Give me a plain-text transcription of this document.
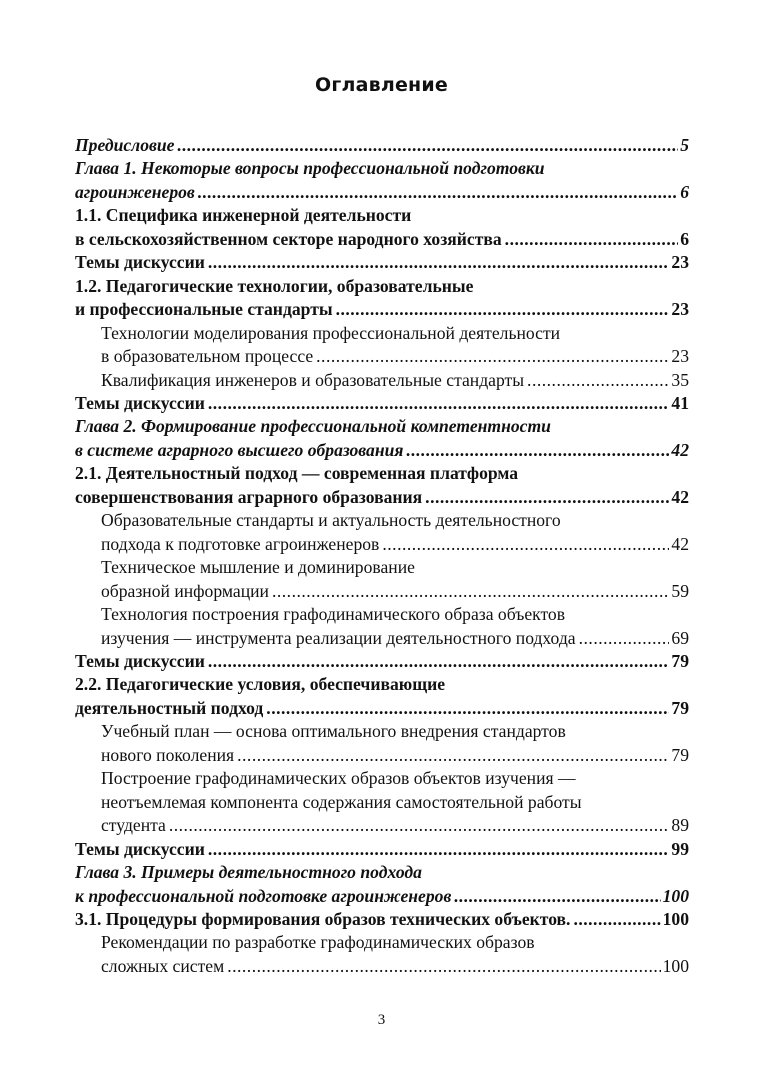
Оглавление
Предисловие .....	5
Глава 1. Некоторые вопросы профессиональной подготовки
агроинженеров .....	6
1.1. Специфика инженерной деятельности
в сельскохозяйственном секторе народного хозяйства .....	6
Темы дискуссии .....	23
1.2. Педагогические технологии, образовательные
и профессиональные стандарты .....	23
Технологии моделирования профессиональной деятельности
в образовательном процессе .....	23
Квалификация инженеров и образовательные стандарты .....	35
Темы дискуссии .....	41
Глава 2. Формирование профессиональной компетентности
в системе аграрного высшего образования .....	42
2.1. Деятельностный подход — современная платформа
совершенствования аграрного образования .....	42
Образовательные стандарты и актуальность деятельностного
подхода к подготовке агроинженеров .....	42
Техническое мышление и доминирование
образной информации .....	59
Технология построения графодинамического образа объектов
изучения — инструмента реализации деятельностного подхода .....	69
Темы дискуссии .....	79
2.2. Педагогические условия, обеспечивающие
деятельностный подход .....	79
Учебный план — основа оптимального внедрения стандартов
нового поколения .....	79
Построение графодинамических образов объектов изучения —
неотъемлемая компонента содержания самостоятельной работы
студента .....	89
Темы дискуссии .....	99
Глава 3. Примеры деятельностного подхода
к профессиональной подготовке агроинженеров .....	100
3.1. Процедуры формирования образов технических объектов. .....	100
Рекомендации по разработке графодинамических образов
сложных систем .....	100
3
